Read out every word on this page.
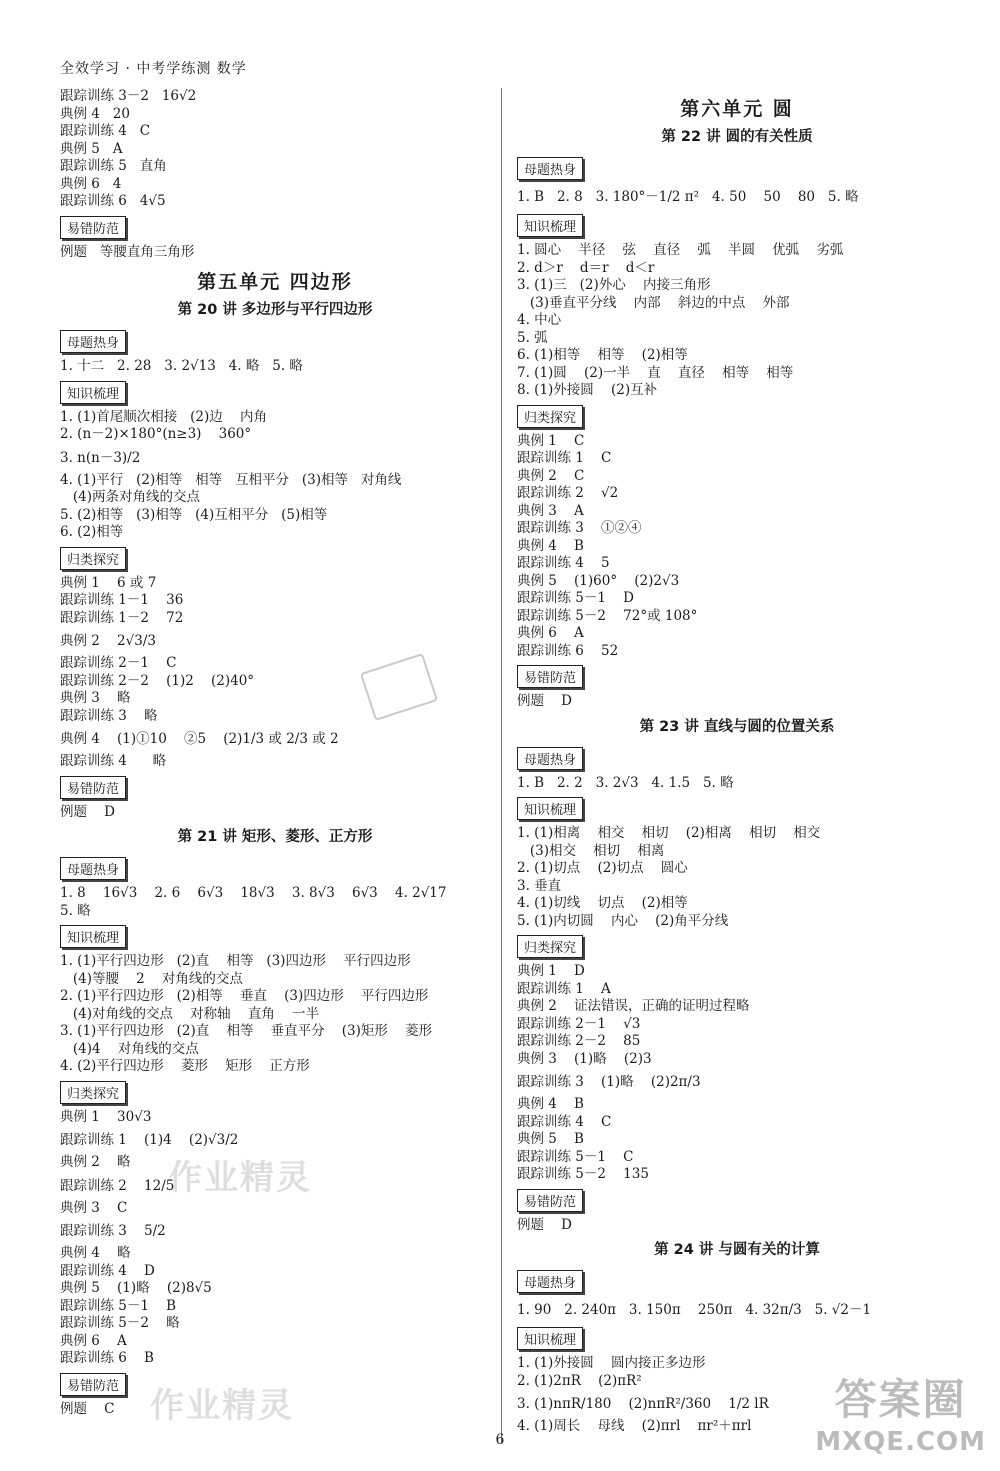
全效学习 · 中考学练测 数学
跟踪训练 3－2   16√2
典例 4   20
跟踪训练 4   C
典例 5   A
跟踪训练 5   直角
典例 6   4
跟踪训练 6   4√5
易错防范
例题   等腰直角三角形
第五单元 四边形
第 20 讲 多边形与平行四边形
母题热身
1. 十二   2. 28   3. 2√13   4. 略   5. 略
知识梳理
1. (1)首尾顺次相接   (2)边    内角
2. (n－2)×180°(n≥3)    360°
3. n(n－3)/2
4. (1)平行   (2)相等   相等   互相平分   (3)相等   对角线
(4)两条对角线的交点
5. (2)相等   (3)相等   (4)互相平分   (5)相等
6. (2)相等
归类探究
典例 1    6 或 7
跟踪训练 1－1    36
跟踪训练 1－2    72
典例 2    2√3/3
跟踪训练 2－1    C
跟踪训练 2－2    (1)2    (2)40°
典例 3    略
跟踪训练 3    略
典例 4    (1)①10    ②5    (2)1/3 或 2/3 或 2
跟踪训练 4      略
易错防范
例题    D
第 21 讲 矩形、菱形、正方形
母题热身
1. 8    16√3    2. 6    6√3    18√3    3. 8√3    6√3    4. 2√17
5. 略
知识梳理
1. (1)平行四边形   (2)直    相等   (3)四边形    平行四边形
(4)等腰    2    对角线的交点
2. (1)平行四边形   (2)相等    垂直    (3)四边形    平行四边形
(4)对角线的交点    对称轴    直角    一半
3. (1)平行四边形   (2)直    相等    垂直平分    (3)矩形    菱形
(4)4    对角线的交点
4. (2)平行四边形    菱形    矩形    正方形
归类探究
典例 1    30√3
跟踪训练 1    (1)4    (2)√3/2
典例 2    略
跟踪训练 2    12/5
典例 3    C
跟踪训练 3    5/2
典例 4    略
跟踪训练 4    D
典例 5    (1)略    (2)8√5
跟踪训练 5－1    B
跟踪训练 5－2    略
典例 6    A
跟踪训练 6    B
易错防范
例题    C
第六单元 圆
第 22 讲 圆的有关性质
母题热身
1. B   2. 8   3. 180°－1/2 π²   4. 50    50    80   5. 略
知识梳理
1. 圆心    半径    弦    直径    弧    半圆    优弧    劣弧
2. d＞r    d＝r    d＜r
3. (1)三   (2)外心    内接三角形
(3)垂直平分线    内部    斜边的中点    外部
4. 中心
5. 弧
6. (1)相等    相等    (2)相等
7. (1)圆    (2)一半    直    直径    相等    相等
8. (1)外接圆    (2)互补
归类探究
典例 1    C
跟踪训练 1    C
典例 2    C
跟踪训练 2    √2
典例 3    A
跟踪训练 3    ①②④
典例 4    B
跟踪训练 4    5
典例 5    (1)60°    (2)2√3
跟踪训练 5－1    D
跟踪训练 5－2    72°或 108°
典例 6    A
跟踪训练 6    52
易错防范
例题    D
第 23 讲 直线与圆的位置关系
母题热身
1. B   2. 2   3. 2√3   4. 1.5   5. 略
知识梳理
1. (1)相离    相交    相切    (2)相离    相切    相交
(3)相交    相切    相离
2. (1)切点    (2)切点    圆心
3. 垂直
4. (1)切线    切点    (2)相等
5. (1)内切圆    内心    (2)角平分线
归类探究
典例 1    D
跟踪训练 1    A
典例 2    证法错误，正确的证明过程略
跟踪训练 2－1    √3
跟踪训练 2－2    85
典例 3    (1)略    (2)3
跟踪训练 3    (1)略    (2)2π/3
典例 4    B
跟踪训练 4    C
典例 5    B
跟踪训练 5－1    C
跟踪训练 5－2    135
易错防范
例题    D
第 24 讲 与圆有关的计算
母题热身
1. 90   2. 240π   3. 150π    250π   4. 32π/3   5. √2－1
知识梳理
1. (1)外接圆    圆内接正多边形
2. (1)2πR    (2)πR²
3. (1)nπR/180    (2)nπR²/360    1/2 lR
4. (1)周长    母线    (2)πrl    πr²＋πrl
作业精灵
作业精灵	答案圈
MXQE.COM
6
